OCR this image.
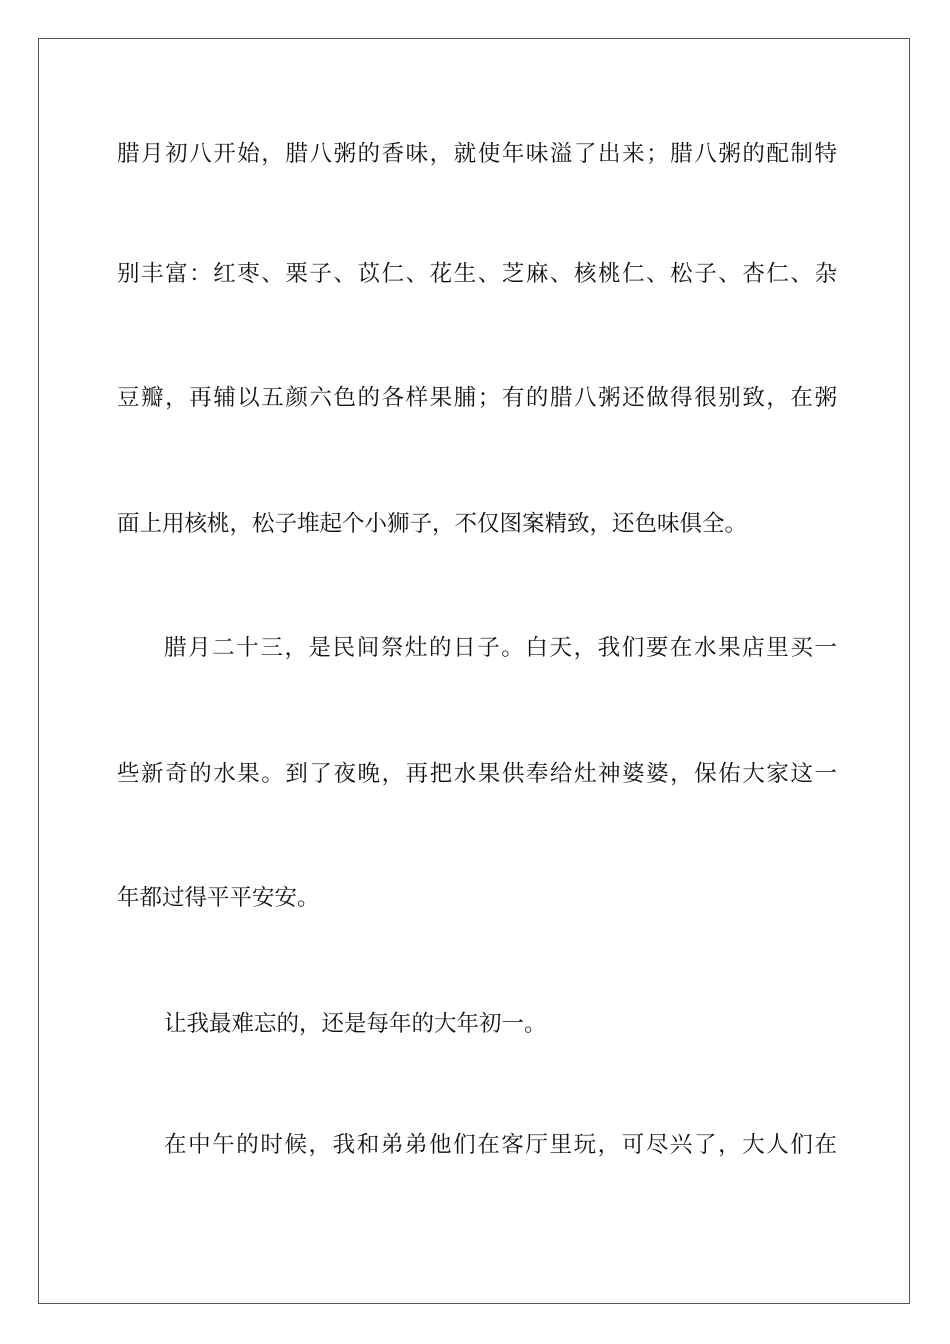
腊月初八开始，腊八粥的香味，就使年味溢了出来；腊八粥的配制特

别丰富：红枣、栗子、苡仁、花生、芝麻、核桃仁、松子、杏仁、杂

豆瓣，再辅以五颜六色的各样果脯；有的腊八粥还做得很别致，在粥

面上用核桃，松子堆起个小狮子，不仅图案精致，还色味俱全。

腊月二十三，是民间祭灶的日子。白天，我们要在水果店里买一

些新奇的水果。到了夜晚，再把水果供奉给灶神婆婆，保佑大家这一

年都过得平平安安。

让我最难忘的，还是每年的大年初一。

在中午的时候，我和弟弟他们在客厅里玩，可尽兴了，大人们在
